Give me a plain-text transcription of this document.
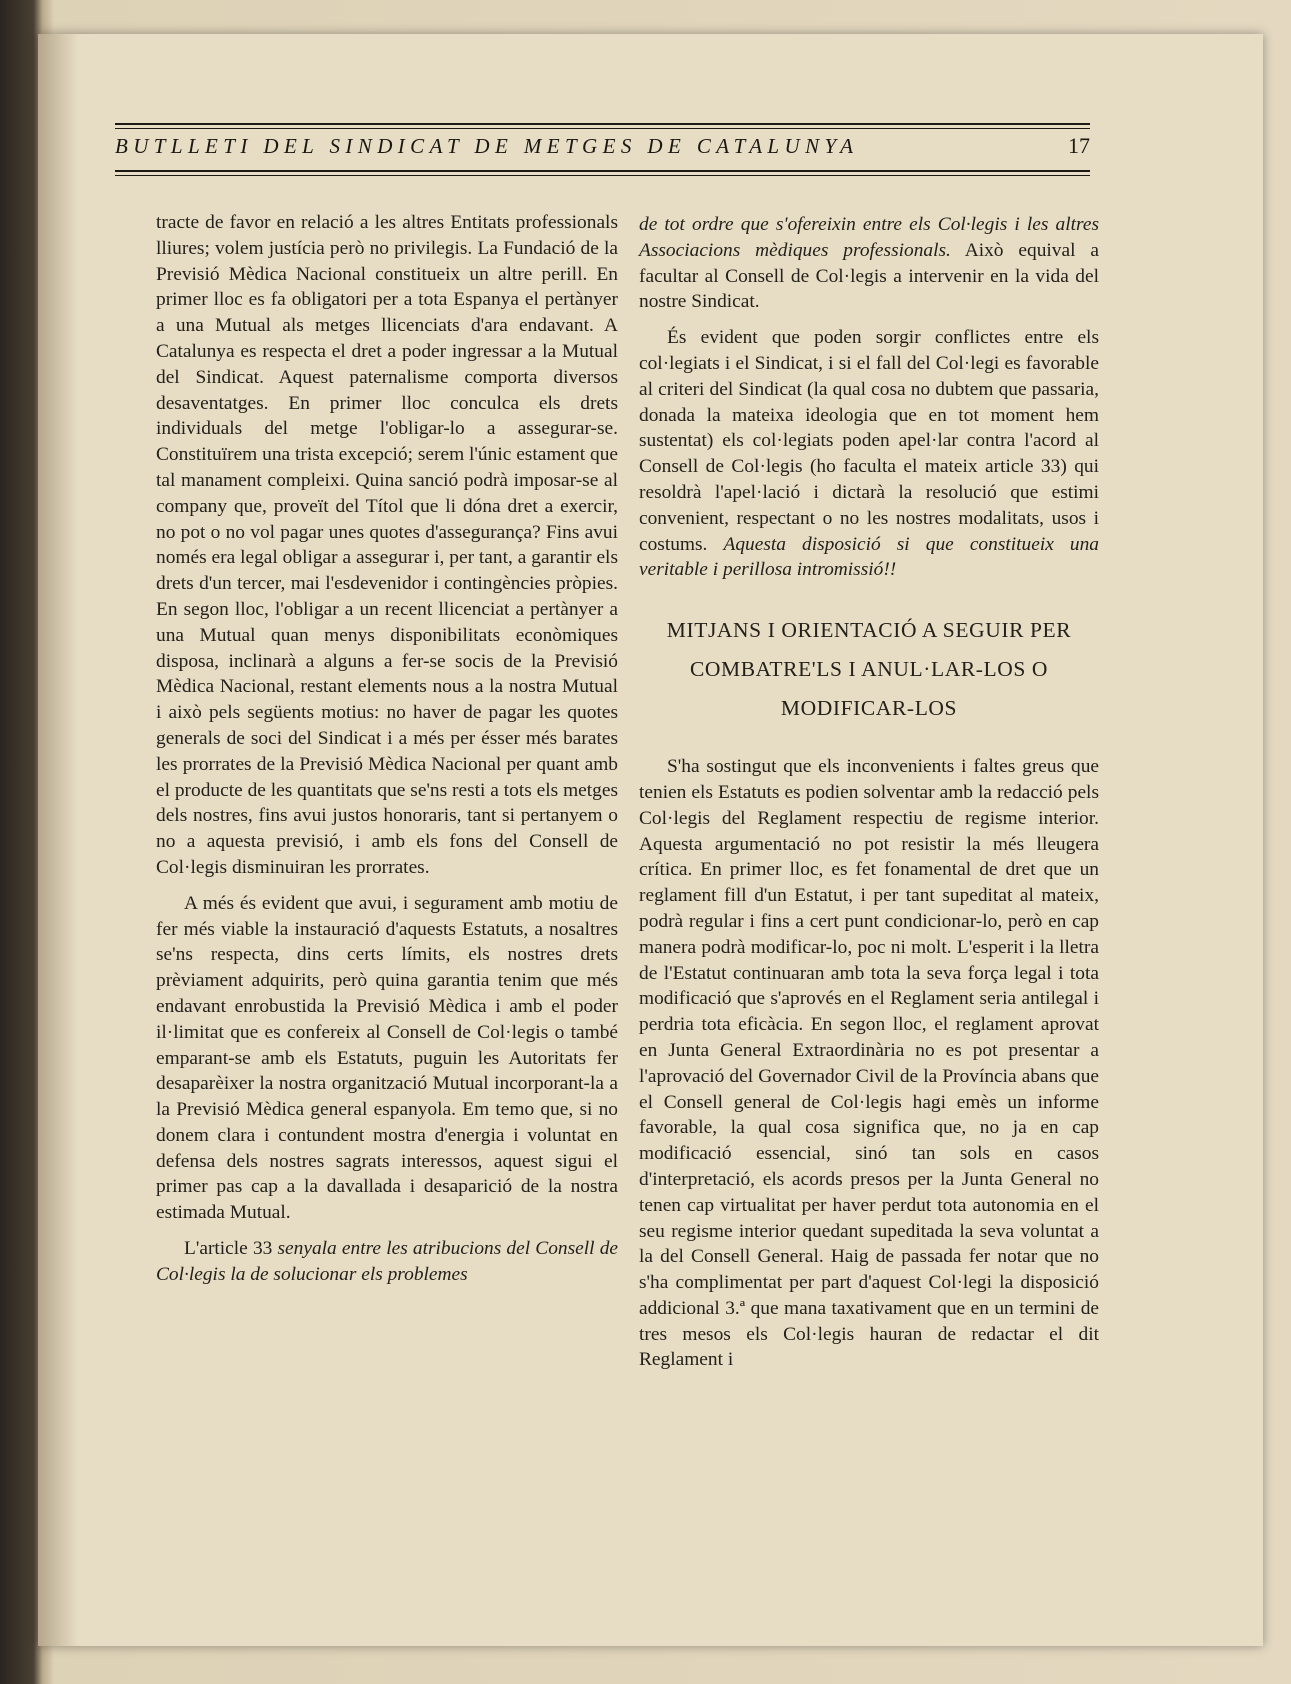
BUTLLETI DEL SINDICAT DE METGES DE CATALUNYA	17

tracte de favor en relació a les altres Entitats professionals lliures; volem justícia però no privilegis. La Fundació de la Previsió Mèdica Nacional constitueix un altre perill. En primer lloc es fa obligatori per a tota Espanya el pertànyer a una Mutual als metges llicenciats d'ara endavant. A Catalunya es respecta el dret a poder ingressar a la Mutual del Sindicat. Aquest paternalisme comporta diversos desaventatges. En primer lloc conculca els drets individuals del metge l'obligar-lo a assegurar-se. Constituïrem una trista excepció; serem l'únic estament que tal manament compleixi. Quina sanció podrà imposar-se al company que, proveït del Títol que li dóna dret a exercir, no pot o no vol pagar unes quotes d'assegurança? Fins avui només era legal obligar a assegurar i, per tant, a garantir els drets d'un tercer, mai l'esdevenidor i contingències pròpies. En segon lloc, l'obligar a un recent llicenciat a pertànyer a una Mutual quan menys disponibilitats econòmiques disposa, inclinarà a alguns a fer-se socis de la Previsió Mèdica Nacional, restant elements nous a la nostra Mutual i això pels següents motius: no haver de pagar les quotes generals de soci del Sindicat i a més per ésser més barates les prorrates de la Previsió Mèdica Nacional per quant amb el producte de les quantitats que se'ns resti a tots els metges dels nostres, fins avui justos honoraris, tant si pertanyem o no a aquesta previsió, i amb els fons del Consell de Col·legis disminuiran les prorrates.

A més és evident que avui, i segurament amb motiu de fer més viable la instauració d'aquests Estatuts, a nosaltres se'ns respecta, dins certs límits, els nostres drets prèviament adquirits, però quina garantia tenim que més endavant enrobustida la Previsió Mèdica i amb el poder il·limitat que es confereix al Consell de Col·legis o també emparant-se amb els Estatuts, puguin les Autoritats fer desaparèixer la nostra organització Mutual incorporant-la a la Previsió Mèdica general espanyola. Em temo que, si no donem clara i contundent mostra d'energia i voluntat en defensa dels nostres sagrats interessos, aquest sigui el primer pas cap a la davallada i desaparició de la nostra estimada Mutual.

L'article 33 senyala entre les atribucions del Consell de Col·legis la de solucionar els problemes

de tot ordre que s'ofereixin entre els Col·legis i les altres Associacions mèdiques professionals. Això equival a facultar al Consell de Col·legis a intervenir en la vida del nostre Sindicat.

És evident que poden sorgir conflictes entre els col·legiats i el Sindicat, i si el fall del Col·legi es favorable al criteri del Sindicat (la qual cosa no dubtem que passaria, donada la mateixa ideologia que en tot moment hem sustentat) els col·legiats poden apel·lar contra l'acord al Consell de Col·legis (ho faculta el mateix article 33) qui resoldrà l'apel·lació i dictarà la resolució que estimi convenient, respectant o no les nostres modalitats, usos i costums. Aquesta disposició si que constitueix una veritable i perillosa intromissió!!

MITJANS I ORIENTACIÓ A SEGUIR PER COMBATRE'LS I ANUL·LAR-LOS O MODIFICAR-LOS

S'ha sostingut que els inconvenients i faltes greus que tenien els Estatuts es podien solventar amb la redacció pels Col·legis del Reglament respectiu de regisme interior. Aquesta argumentació no pot resistir la més lleugera crítica. En primer lloc, es fet fonamental de dret que un reglament fill d'un Estatut, i per tant supeditat al mateix, podrà regular i fins a cert punt condicionar-lo, però en cap manera podrà modificar-lo, poc ni molt. L'esperit i la lletra de l'Estatut continuaran amb tota la seva força legal i tota modificació que s'aprovés en el Reglament seria antilegal i perdria tota eficàcia. En segon lloc, el reglament aprovat en Junta General Extraordinària no es pot presentar a l'aprovació del Governador Civil de la Província abans que el Consell general de Col·legis hagi emès un informe favorable, la qual cosa significa que, no ja en cap modificació essencial, sinó tan sols en casos d'interpretació, els acords presos per la Junta General no tenen cap virtualitat per haver perdut tota autonomia en el seu regisme interior quedant supeditada la seva voluntat a la del Consell General. Haig de passada fer notar que no s'ha complimentat per part d'aquest Col·legi la disposició addicional 3.ª que mana taxativament que en un termini de tres mesos els Col·legis hauran de redactar el dit Reglament i
